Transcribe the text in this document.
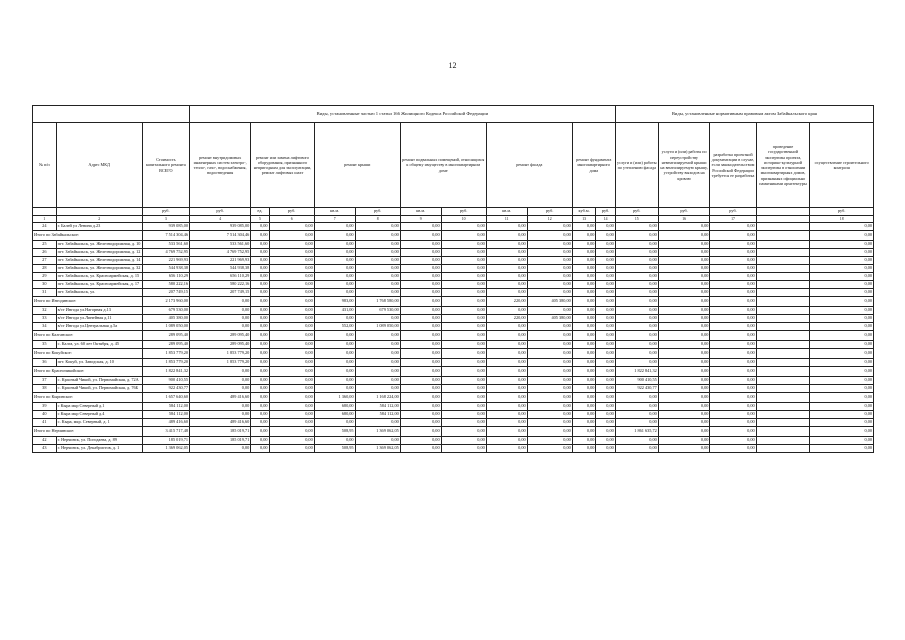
12
			Виды, установленные частью 1 статьи 166 Жилищного Кодекса Российской Федерации											Виды, установленные нормативным правовым актом Забайкальского края				
№ п/п	Адрес МКД	Стоимость капитального ремонта ВСЕГО	ремонт внутридомовых инженерных систем электро-, тепло-, газо-, водоснабжения, водоотведения	ремонт или замена лифтового оборудования, признанного непригодным для эксплуатации, ремонт лифтовых шахт		ремонт крыши		ремонт подвальных помещений, относящихся к общему имуществу в многоквартирном доме		ремонт фасада		ремонт фундамента многоквартирного дома		услуги и (или) работы по утеплению фасада	услуги и (или) работы по переустройству невентилируемой крыши на вентилируемую крышу, устройству выходов на кровлю	разработка проектной документации в случае, если законодательством Российской Федерации требуется ее разработка	проведение государственной экспертизы проекта, историко-культурной экспертизы в отношении многоквартирных домов, признанных официально памятниками архитектуры	осуществление строительного контроля
		руб.	руб.	ед.	руб.	кв.м.	руб.	кв.м.	руб.	кв.м.	руб.	куб.м.	руб.	руб.	руб.	руб.		руб.
1	2	3	4	5	6	7	8	9	10	11	12	13	14	15	16	17		18
24	г. Балей ул Ленина д.23	939 085,00	939 085,00	0,00	0,00	0,00	0,00	0,00	0,00	0,00	0,00	0,00	0,00	0,00	0,00	0,00		0,00
Итого по Забайкальское:		7 514 304,46	7 514 304,46	0,00	0,00	0,00	0,00	0,00	0,00	0,00	0,00	0,00	0,00	0,00	0,00	0,00		0,00
25	пгт. Забайкальск, ул. Железнодорожная, д. 10	533 561,60	533 561,60	0,00	0,00	0,00	0,00	0,00	0,00	0,00	0,00	0,00	0,00	0,00	0,00	0,00		0,00
26	пгт. Забайкальск, ул. Железнодорожная, д. 12	4 769 752,95	4 769 752,95	0,00	0,00	0,00	0,00	0,00	0,00	0,00	0,00	0,00	0,00	0,00	0,00	0,00		0,00
27	пгт. Забайкальск, ул. Железнодорожная, д. 14	221 969,93	221 969,93	0,00	0,00	0,00	0,00	0,00	0,00	0,00	0,00	0,00	0,00	0,00	0,00	0,00		0,00
28	пгт. Забайкальск, ул. Железнодорожная, д. 32	544 938,38	544 938,38	0,00	0,00	0,00	0,00	0,00	0,00	0,00	0,00	0,00	0,00	0,00	0,00	0,00		0,00
29	пгт. Забайкальск, ул. Красноармейская, д. 15	656 110,29	656 110,29	0,00	0,00	0,00	0,00	0,00	0,00	0,00	0,00	0,00	0,00	0,00	0,00	0,00		0,00
30	пгт. Забайкальск, ул. Красноармейская, д. 17	580 222,16	580 222,16	0,00	0,00	0,00	0,00	0,00	0,00	0,00	0,00	0,00	0,00	0,00	0,00	0,00		0,00
31	пгт. Забайкальск, ул.	207 749,15	207 749,15	0,00	0,00	0,00	0,00	0,00	0,00	0,00	0,00	0,00	0,00	0,00	0,00	0,00		0,00
Итого по Ингодинское:		2 173 960,00	0,00	0,00	0,00	983,00	1 768 580,00	0,00	0,00	220,00	405 380,00	0,00	0,00	0,00	0,00	0,00		0,00
32	в/ст Ингода ул.Нагорная д.13	679 530,00	0,00	0,00	0,00	431,00	679 530,00	0,00	0,00	0,00	0,00	0,00	0,00	0,00	0,00	0,00		0,00
33	в/ст Ингода ул.Линейная д.11	405 380,00	0,00	0,00	0,00	0,00	0,00	0,00	0,00	220,00	405 380,00	0,00	0,00	0,00	0,00	0,00		0,00
34	в/ст Ингода ул.Центральная д.5а	1 089 050,00	0,00	0,00	0,00	552,00	1 089 050,00	0,00	0,00	0,00	0,00	0,00	0,00	0,00	0,00	0,00		0,00
Итого по Калганское:		289 095,40	289 095,40	0,00	0,00	0,00	0,00	0,00	0,00	0,00	0,00	0,00	0,00	0,00	0,00	0,00		0,00
35	с. Калга, ул. 60 лет Октября, д. 45	289 095,40	289 095,40	0,00	0,00	0,00	0,00	0,00	0,00	0,00	0,00	0,00	0,00	0,00	0,00	0,00		0,00
Итого по Кокуйское:		1 853 779,20	1 853 779,20	0,00	0,00	0,00	0,00	0,00	0,00	0,00	0,00	0,00	0,00	0,00	0,00	0,00		0,00
36	пгт. Кокуй, ул. Заводская, д. 10	1 853 779,20	1 853 779,20	0,00	0,00	0,00	0,00	0,00	0,00	0,00	0,00	0,00	0,00	0,00	0,00	0,00		0,00
Итого по Красночикойское:		1 822 841,32	0,00	0,00	0,00	0,00	0,00	0,00	0,00	0,00	0,00	0,00	0,00	1 822 841,32	0,00	0,00		0,00
37	с. Красный Чикой, ул. Первомайская, д. 72А	900 410,55	0,00	0,00	0,00	0,00	0,00	0,00	0,00	0,00	0,00	0,00	0,00	900 410,55	0,00	0,00		0,00
38	с. Красный Чикой, ул. Первомайская, д. 76Б	922 430,77	0,00	0,00	0,00	0,00	0,00	0,00	0,00	0,00	0,00	0,00	0,00	922 430,77	0,00	0,00		0,00
Итого по Кыринское:		1 657 640,60	489 416,60	0,00	0,00	1 360,00	1 168 224,00	0,00	0,00	0,00	0,00	0,00	0,00	0,00	0,00	0,00		0,00
39	с Кыра мкр Северный д.1	584 112,00	0,00	0,00	0,00	680,00	584 112,00	0,00	0,00	0,00	0,00	0,00	0,00	0,00	0,00	0,00		0,00
40	с Кыра мкр Северный д.4	584 112,00	0,00	0,00	0,00	680,00	584 112,00	0,00	0,00	0,00	0,00	0,00	0,00	0,00	0,00	0,00		0,00
41	с. Кыра, мкр. Северный, д. 1	489 416,60	489 416,60	0,00	0,00	0,00	0,00	0,00	0,00	0,00	0,00	0,00	0,00	0,00	0,00	0,00		0,00
Итого по Нерчинское:		3 415 717,48	185 019,71	0,00	0,00	508,95	1 369 062,05	0,00	0,00	0,00	0,00	0,00	0,00	1 861 635,72	0,00	0,00		0,00
42	г. Нерчинск, ул. Погодаева, д. 89	185 019,71	185 019,71	0,00	0,00	0,00	0,00	0,00	0,00	0,00	0,00	0,00	0,00	0,00	0,00	0,00		0,00
43	г. Нерчинск, ул. Декабристов, д. 1	1 369 062,05	0,00	0,00	0,00	508,95	1 369 062,05	0,00	0,00	0,00	0,00	0,00	0,00	0,00	0,00	0,00		0,00
